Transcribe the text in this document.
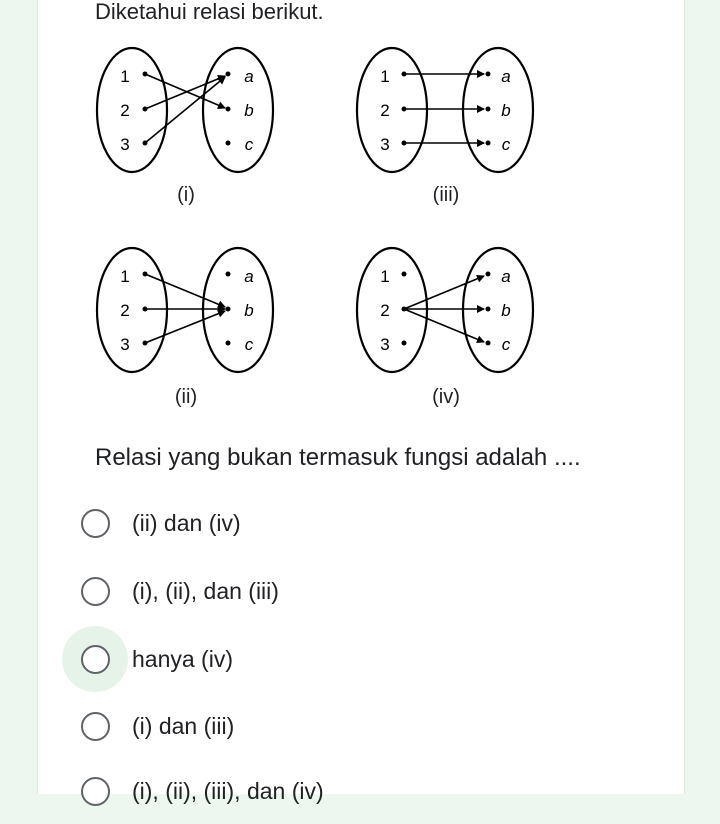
Diketahui relasi berikut.
1
2
3
a
b
c
(i)
1
2
3
a
b
c
(iii)
1
2
3
a
b
c
(ii)
1
2
3
a
b
c
(iv)
Relasi yang bukan termasuk fungsi adalah ....
(ii) dan (iv)
(i), (ii), dan (iii)
hanya (iv)
(i) dan (iii)
(i), (ii), (iii), dan (iv)
